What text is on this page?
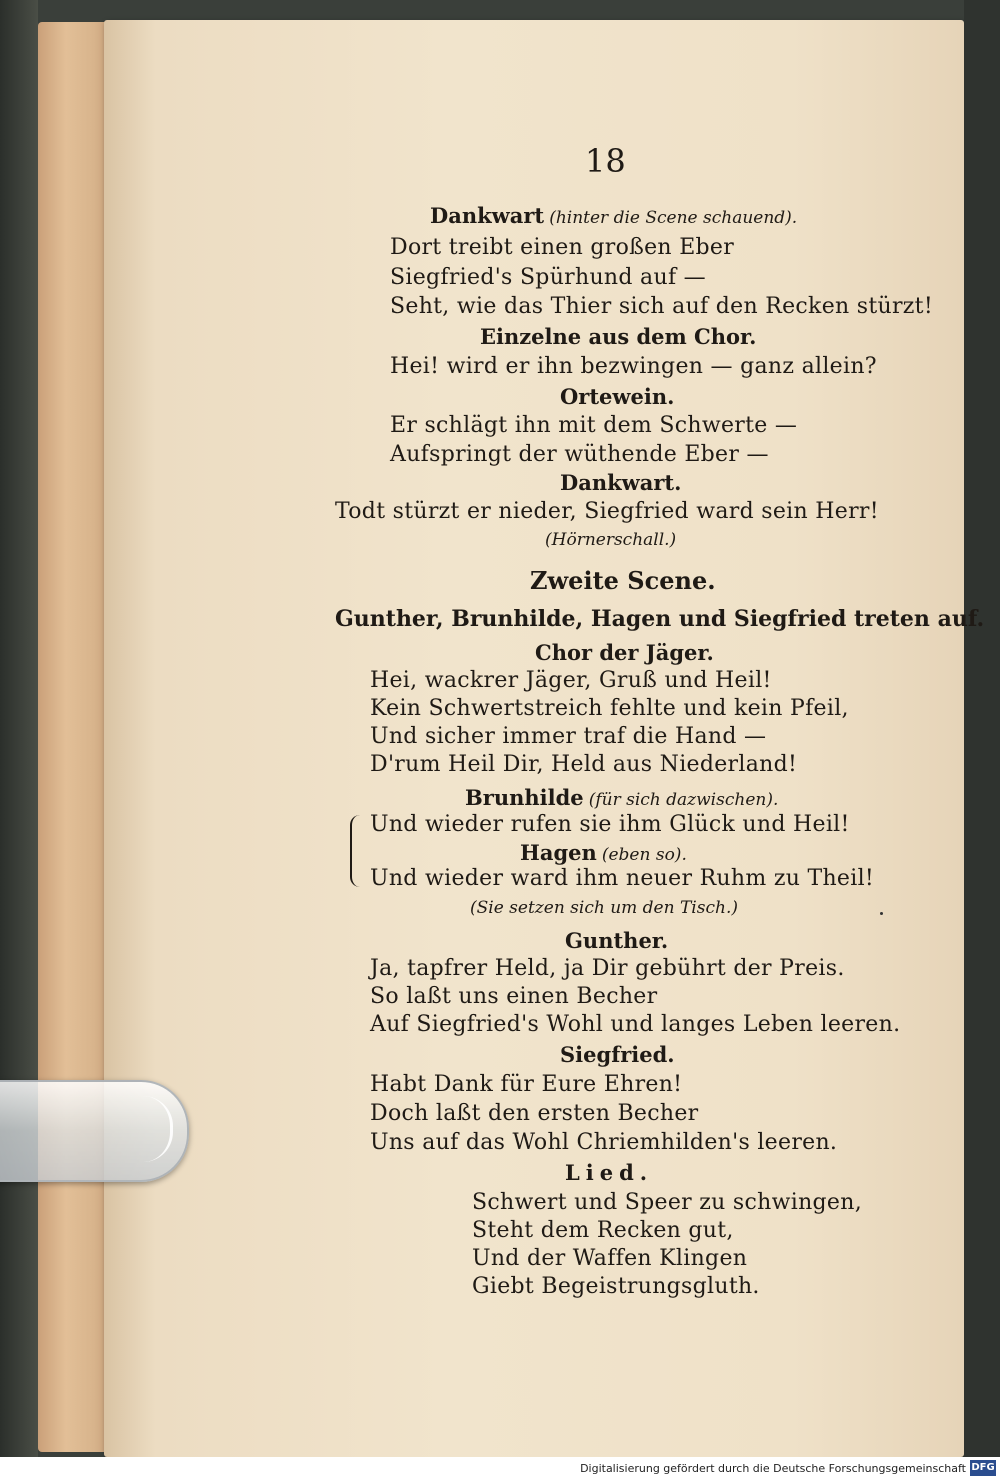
18
Dankwart (hinter die Scene schauend).
Dort treibt einen großen Eber
Siegfried's Spürhund auf —
Seht, wie das Thier sich auf den Recken stürzt!
Einzelne aus dem Chor.
Hei! wird er ihn bezwingen — ganz allein?
Ortewein.
Er schlägt ihn mit dem Schwerte —
Aufspringt der wüthende Eber —
Dankwart.
Todt stürzt er nieder, Siegfried ward sein Herr!
(Hörnerschall.)
Zweite Scene.
Gunther, Brunhilde, Hagen und Siegfried treten auf.
Chor der Jäger.
Hei, wackrer Jäger, Gruß und Heil!
Kein Schwertstreich fehlte und kein Pfeil,
Und sicher immer traf die Hand —
D'rum Heil Dir, Held aus Niederland!
Brunhilde (für sich dazwischen).
Und wieder rufen sie ihm Glück und Heil!
Hagen (eben so).
Und wieder ward ihm neuer Ruhm zu Theil!
(Sie setzen sich um den Tisch.)
Gunther.
Ja, tapfrer Held, ja Dir gebührt der Preis.
So laßt uns einen Becher
Auf Siegfried's Wohl und langes Leben leeren.
Siegfried.
Habt Dank für Eure Ehren!
Doch laßt den ersten Becher
Uns auf das Wohl Chriemhilden's leeren.
Lied.
Schwert und Speer zu schwingen,
Steht dem Recken gut,
Und der Waffen Klingen
Giebt Begeistrungsgluth.
Digitalisierung gefördert durch die Deutsche Forschungsgemeinschaft DFG
